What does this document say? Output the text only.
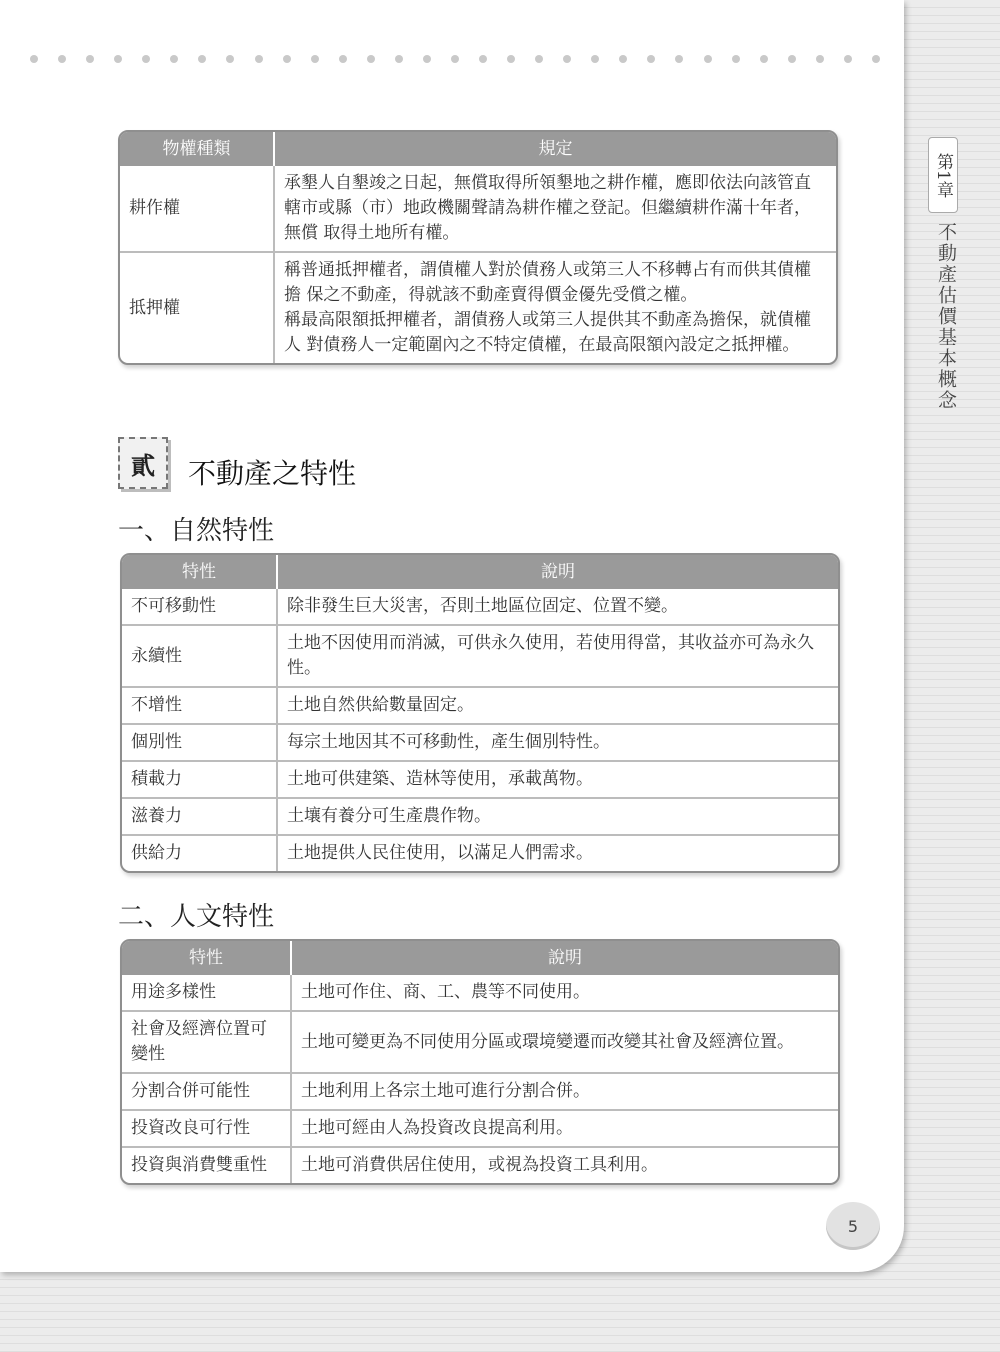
物權種類	規定
耕作權	承墾人自墾竣之日起，無償取得所領墾地之耕作權，應即依法向該管直轄市或縣（市）地政機關聲請為耕作權之登記。但繼續耕作滿十年者，無償 取得土地所有權。
抵押權	稱普通抵押權者，謂債權人對於債務人或第三人不移轉占有而供其債權擔 保之不動產，得就該不動產賣得價金優先受償之權。
稱最高限額抵押權者，謂債務人或第三人提供其不動產為擔保，就債權人 對債務人一定範圍內之不特定債權，在最高限額內設定之抵押權。
貳	不動產之特性
一、自然特性
特性	說明
不可移動性	除非發生巨大災害，否則土地區位固定、位置不變。
永續性	土地不因使用而消滅，可供永久使用，若使用得當，其收益亦可為永久性。
不增性	土地自然供給數量固定。
個別性	每宗土地因其不可移動性，產生個別特性。
積載力	土地可供建築、造林等使用，承載萬物。
滋養力	土壤有養分可生產農作物。
供給力	土地提供人民住使用，以滿足人們需求。
二、人文特性
特性	說明
用途多樣性	土地可作住、商、工、農等不同使用。
社會及經濟位置可變性	土地可變更為不同使用分區或環境變遷而改變其社會及經濟位置。
分割合併可能性	土地利用上各宗土地可進行分割合併。
投資改良可行性	土地可經由人為投資改良提高利用。
投資與消費雙重性	土地可消費供居住使用，或視為投資工具利用。
5
第1章
不動產估價基本概念
